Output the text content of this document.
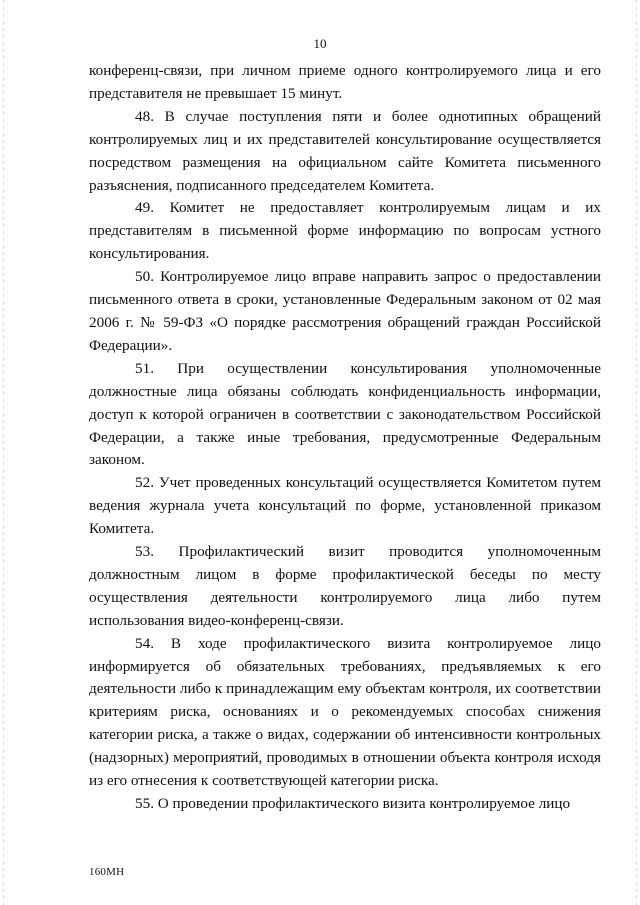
10

конференц-связи, при личном приеме одного контролируемого лица и его представителя не превышает 15 минут.

48. В случае поступления пяти и более однотипных обращений контролируемых лиц и их представителей консультирование осуществляется посредством размещения на официальном сайте Комитета письменного разъяснения, подписанного председателем Комитета.

49. Комитет не предоставляет контролируемым лицам и их представителям в письменной форме информацию по вопросам устного консультирования.

50. Контролируемое лицо вправе направить запрос о предоставлении письменного ответа в сроки, установленные Федеральным законом от 02 мая 2006 г. № 59-ФЗ «О порядке рассмотрения обращений граждан Российской Федерации».

51. При осуществлении консультирования уполномоченные должностные лица обязаны соблюдать конфиденциальность информации, доступ к которой ограничен в соответствии с законодательством Российской Федерации, а также иные требования, предусмотренные Федеральным законом.

52. Учет проведенных консультаций осуществляется Комитетом путем ведения журнала учета консультаций по форме, установленной приказом Комитета.

53. Профилактический визит проводится уполномоченным должностным лицом в форме профилактической беседы по месту осуществления деятельности контролируемого лица либо путем использования видео-конференц-связи.

54. В ходе профилактического визита контролируемое лицо информируется об обязательных требованиях, предъявляемых к его деятельности либо к принадлежащим ему объектам контроля, их соответствии критериям риска, основаниях и о рекомендуемых способах снижения категории риска, а также о видах, содержании об интенсивности контрольных (надзорных) мероприятий, проводимых в отношении объекта контроля исходя из его отнесения к соответствующей категории риска.

55. О проведении профилактического визита контролируемое лицо

160МН
